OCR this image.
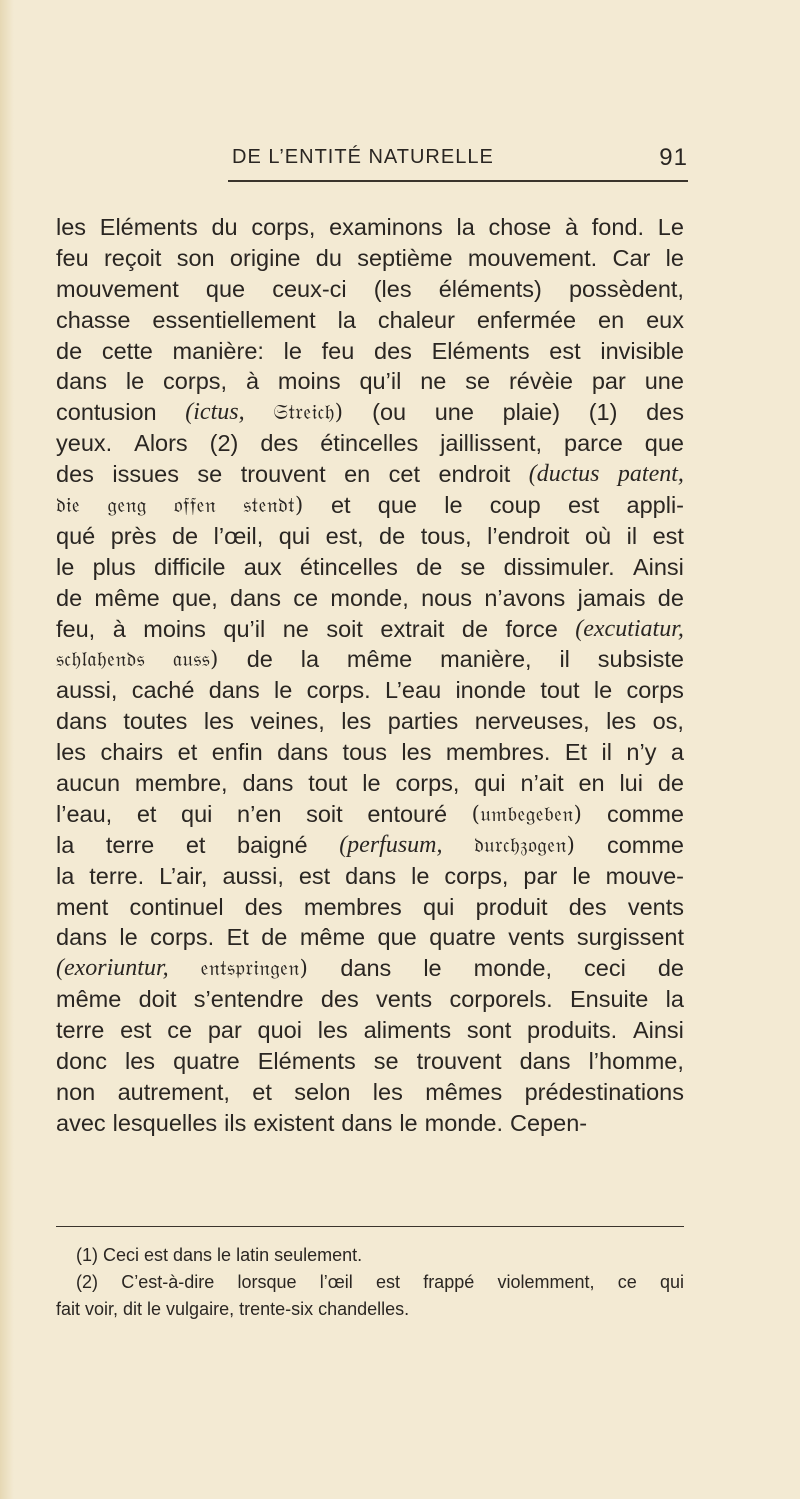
DE L’ENTITÉ NATURELLE	91
les Eléments du corps, examinons la chose à fond. Le
feu reçoit son origine du septième mouvement. Car le
mouvement que ceux-ci (les éléments) possèdent,
chasse essentiellement la chaleur enfermée en eux
de cette manière: le feu des Eléments est invisible
dans le corps, à moins qu’il ne se révèie par une
contusion (ictus, 𝔖𝔱𝔯𝔢𝔦𝔠𝔥) (ou une plaie) (1) des
yeux. Alors (2) des étincelles jaillissent, parce que
des issues se trouvent en cet endroit (ductus patent,
𝔡𝔦𝔢 𝔤𝔢𝔫𝔤 𝔬𝔣𝔣𝔢𝔫 𝔰𝔱𝔢𝔫𝔡𝔱) et que le coup est appli-
qué près de l’œil, qui est, de tous, l’endroit où il est
le plus difficile aux étincelles de se dissimuler. Ainsi
de même que, dans ce monde, nous n’avons jamais de
feu, à moins qu’il ne soit extrait de force (excutiatur,
𝔰𝔠𝔥𝔩𝔞𝔥𝔢𝔫𝔡𝔰 𝔞𝔲𝔰𝔰) de la même manière, il subsiste
aussi, caché dans le corps. L’eau inonde tout le corps
dans toutes les veines, les parties nerveuses, les os,
les chairs et enfin dans tous les membres. Et il n’y a
aucun membre, dans tout le corps, qui n’ait en lui de
l’eau, et qui n’en soit entouré (𝔲𝔪𝔟𝔢𝔤𝔢𝔟𝔢𝔫) comme
la terre et baigné (perfusum, 𝔡𝔲𝔯𝔠𝔥𝔷𝔬𝔤𝔢𝔫) comme
la terre. L’air, aussi, est dans le corps, par le mouve-
ment continuel des membres qui produit des vents
dans le corps. Et de même que quatre vents surgissent
(exoriuntur, 𝔢𝔫𝔱𝔰𝔭𝔯𝔦𝔫𝔤𝔢𝔫) dans le monde, ceci de
même doit s’entendre des vents corporels. Ensuite la
terre est ce par quoi les aliments sont produits. Ainsi
donc les quatre Eléments se trouvent dans l’homme,
non autrement, et selon les mêmes prédestinations
avec lesquelles ils existent dans le monde. Cepen-
(1) Ceci est dans le latin seulement.
(2) C’est-à-dire lorsque l’œil est frappé violemment, ce qui
fait voir, dit le vulgaire, trente-six chandelles.
